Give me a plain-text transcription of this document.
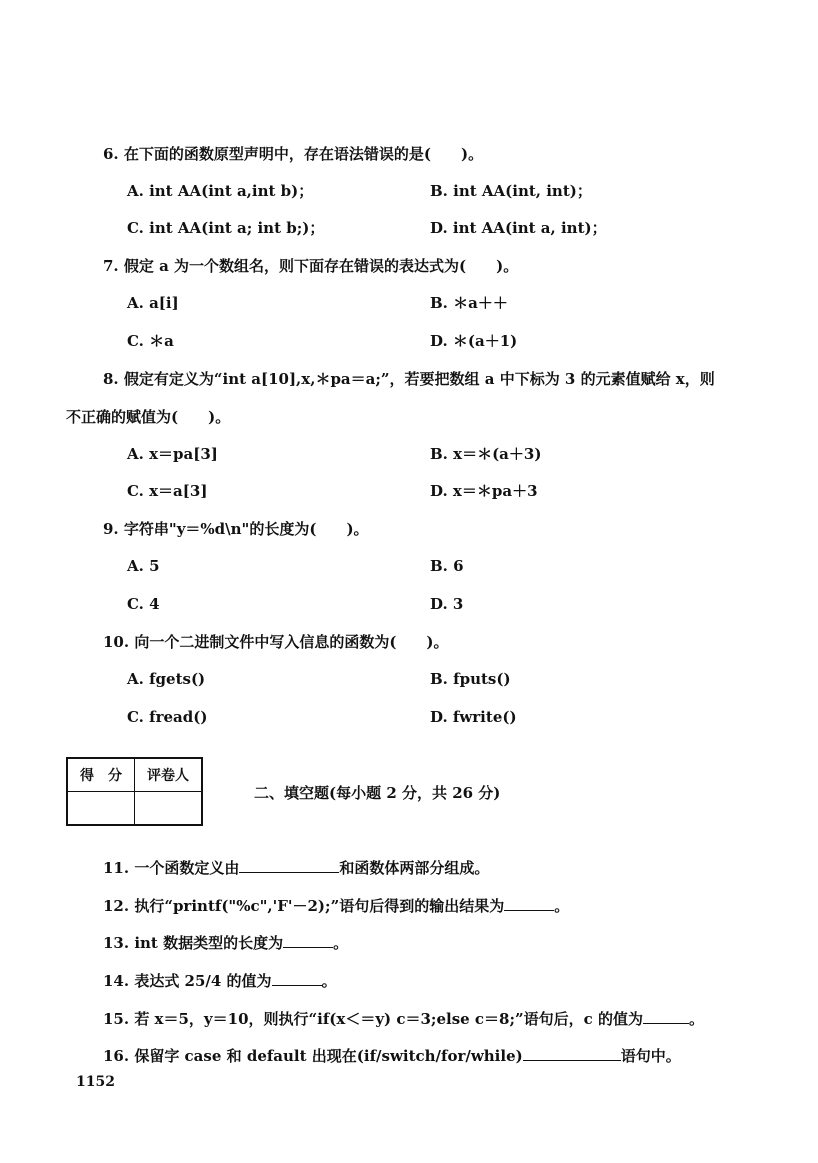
6. 在下面的函数原型声明中，存在语法错误的是(　　)。
A. int AA(int a,int b)；	B. int AA(int, int)；
C. int AA(int a; int b;)；	D. int AA(int a, int)；
7. 假定 a 为一个数组名，则下面存在错误的表达式为(　　)。
A. a[i]	B. ＊a＋＋
C. ＊a	D. ＊(a＋1)
8. 假定有定义为“int a[10],x,＊pa＝a;”，若要把数组 a 中下标为 3 的元素值赋给 x，则
不正确的赋值为(　　)。
A. x＝pa[3]	B. x＝＊(a＋3)
C. x＝a[3]	D. x＝＊pa＋3
9. 字符串"y＝%d\n"的长度为(　　)。
A. 5	B. 6
C. 4	D. 3
10. 向一个二进制文件中写入信息的函数为(　　)。
A. fgets()	B. fputs()
C. fread()	D. fwrite()
得　分	评卷人

二、填空题(每小题 2 分，共 26 分)
11. 一个函数定义由	和函数体两部分组成。
12. 执行“printf("%c",'F'－2);”语句后得到的输出结果为	。
13. int 数据类型的长度为	。
14. 表达式 25/4 的值为	。
15. 若 x＝5，y＝10，则执行“if(x＜＝y) c＝3;else c＝8;”语句后，c 的值为	。
16. 保留字 case 和 default 出现在(if/switch/for/while)	语句中。
1152
